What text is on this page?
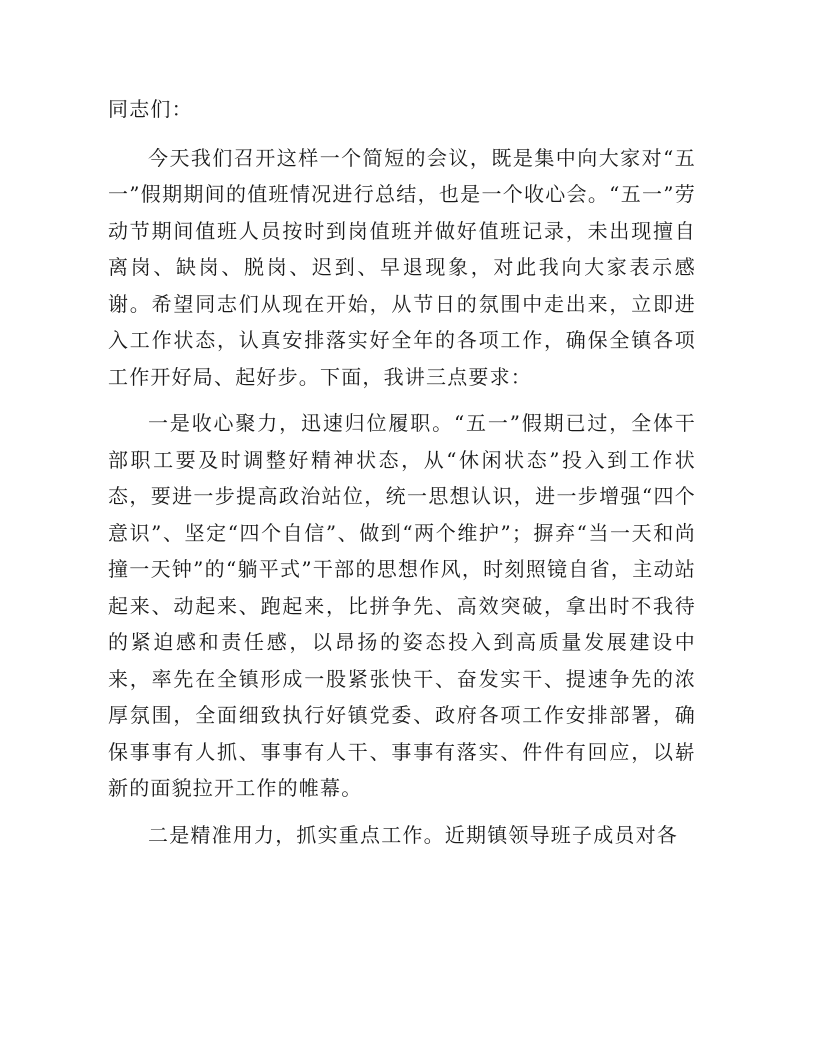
同志们：

今天我们召开这样一个简短的会议，既是集中向大家对“五一”假期期间的值班情况进行总结，也是一个收心会。“五一”劳动节期间值班人员按时到岗值班并做好值班记录，未出现擅自离岗、缺岗、脱岗、迟到、早退现象，对此我向大家表示感谢。希望同志们从现在开始，从节日的氛围中走出来，立即进入工作状态，认真安排落实好全年的各项工作，确保全镇各项工作开好局、起好步。下面，我讲三点要求：

一是收心聚力，迅速归位履职。“五一”假期已过，全体干部职工要及时调整好精神状态，从“休闲状态”投入到工作状态，要进一步提高政治站位，统一思想认识，进一步增强“四个意识”、坚定“四个自信”、做到“两个维护”；摒弃“当一天和尚撞一天钟”的“躺平式”干部的思想作风，时刻照镜自省，主动站起来、动起来、跑起来，比拼争先、高效突破，拿出时不我待的紧迫感和责任感，以昂扬的姿态投入到高质量发展建设中来，率先在全镇形成一股紧张快干、奋发实干、提速争先的浓厚氛围，全面细致执行好镇党委、政府各项工作安排部署，确保事事有人抓、事事有人干、事事有落实、件件有回应，以崭新的面貌拉开工作的帷幕。

二是精准用力，抓实重点工作。近期镇领导班子成员对各
